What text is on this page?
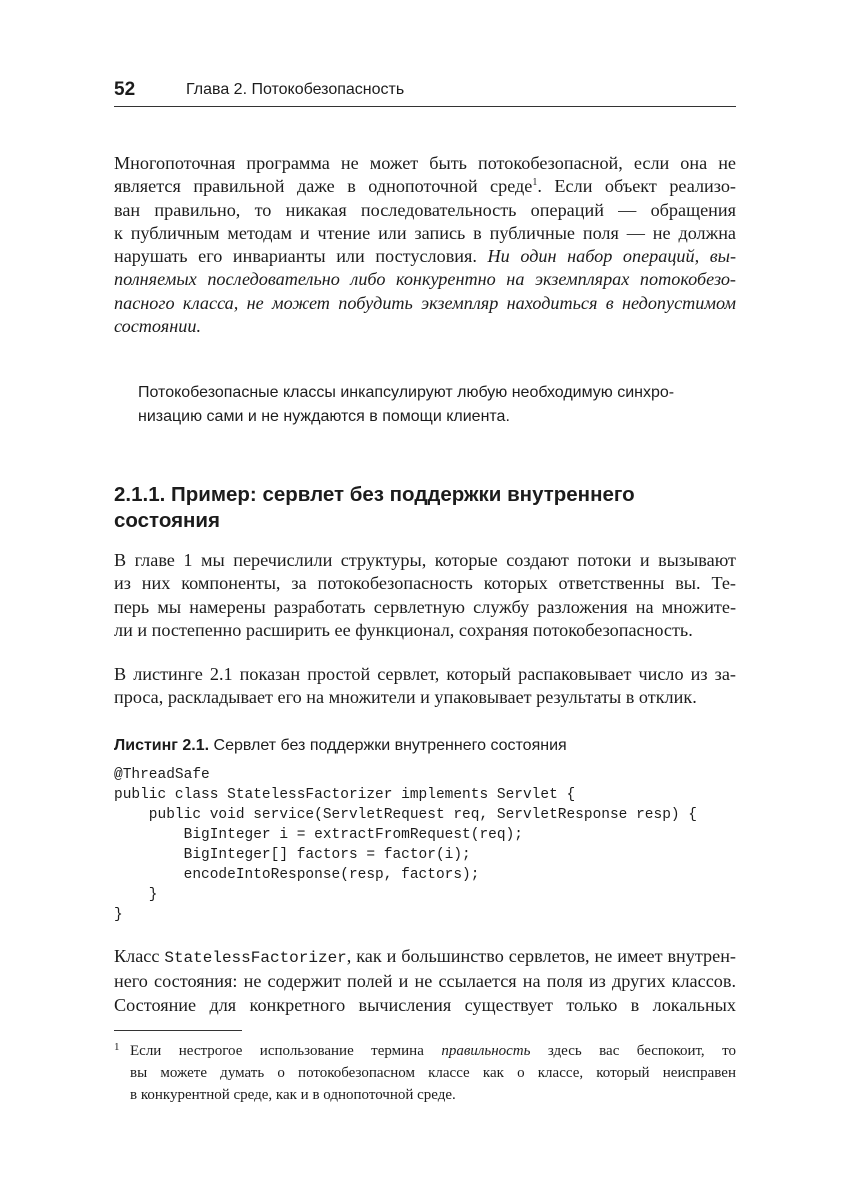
52	Глава 2. Потокобезопасность

Многопоточная программа не может быть потокобезопасной, если она не
является правильной даже в однопоточной среде$^1$. Если объект реализо-
ван правильно, то никакая последовательность операций — обращения
к публичным методам и чтение или запись в публичные поля — не должна
нарушать его инварианты или постусловия. Ни один набор операций, вы-
полняемых последовательно либо конкурентно на экземплярах потокобезо-
пасного класса, не может побудить экземпляр находиться в недопустимом
состоянии.

Потокобезопасные классы инкапсулируют любую необходимую синхро-
низацию сами и не нуждаются в помощи клиента.
2.1.1. Пример: сервлет без поддержки внутреннего
состояния

В главе 1 мы перечислили структуры, которые создают потоки и вызывают
из них компоненты, за потокобезопасность которых ответственны вы. Те-
перь мы намерены разработать сервлетную службу разложения на множите-
ли и постепенно расширить ее функционал, сохраняя потокобезопасность.

В листинге 2.1 показан простой сервлет, который распаковывает число из за-
проса, раскладывает его на множители и упаковывает результаты в отклик.

Листинг 2.1. Сервлет без поддержки внутреннего состояния
@ThreadSafe
public class StatelessFactorizer implements Servlet {
public void service(ServletRequest req, ServletResponse resp) {
BigInteger i = extractFromRequest(req);
BigInteger[] factors = factor(i);
encodeIntoResponse(resp, factors);
}
}

Класс StatelessFactorizer, как и большинство сервлетов, не имеет внутрен-
него состояния: не содержит полей и не ссылается на поля из других классов.
Состояние для конкретного вычисления существует только в локальных

1 Если нестрогое использование термина правильность здесь вас беспокоит, то
вы можете думать о потокобезопасном классе как о классе, который неисправен
в конкурентной среде, как и в однопоточной среде.
